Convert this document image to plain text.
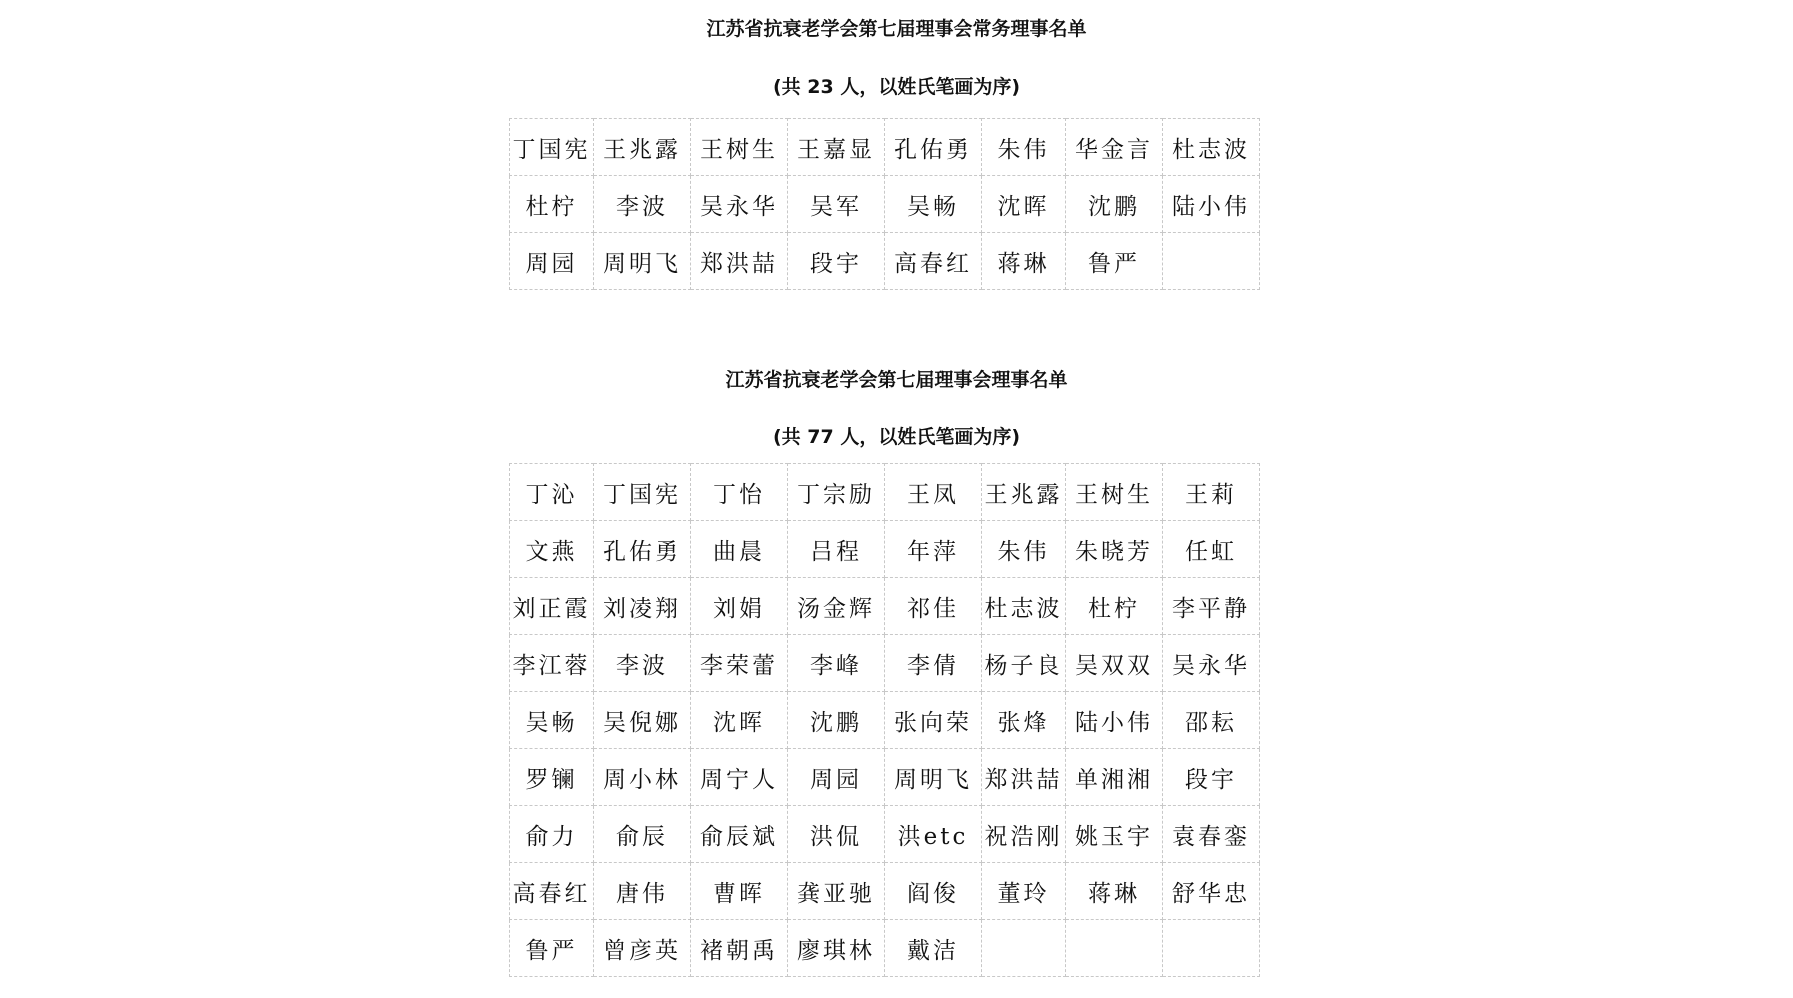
江苏省抗衰老学会第七届理事会常务理事名单
(共 23 人，以姓氏笔画为序)
丁国宪	王兆露	王树生	王嘉显	孔佑勇	朱伟	华金言	杜志波
杜柠	李波	吴永华	吴军	吴畅	沈晖	沈鹏	陆小伟
周园	周明飞	郑洪喆	段宇	高春红	蒋琳	鲁严	
江苏省抗衰老学会第七届理事会理事名单
(共 77 人，以姓氏笔画为序)
丁沁	丁国宪	丁怡	丁宗励	王凤	王兆露	王树生	王莉
文燕	孔佑勇	曲晨	吕程	年萍	朱伟	朱晓芳	任虹
刘正霞	刘凌翔	刘娟	汤金辉	祁佳	杜志波	杜柠	李平静
李江蓉	李波	李荣蕾	李峰	李倩	杨子良	吴双双	吴永华
吴畅	吴倪娜	沈晖	沈鹏	张向荣	张烽	陆小伟	邵耘
罗镧	周小林	周宁人	周园	周明飞	郑洪喆	单湘湘	段宇
俞力	俞辰	俞辰斌	洪侃	洪etc	祝浩刚	姚玉宇	袁春銮
高春红	唐伟	曹晖	龚亚驰	阎俊	董玲	蒋琳	舒华忠
鲁严	曾彦英	褚朝禹	廖琪林	戴洁			
